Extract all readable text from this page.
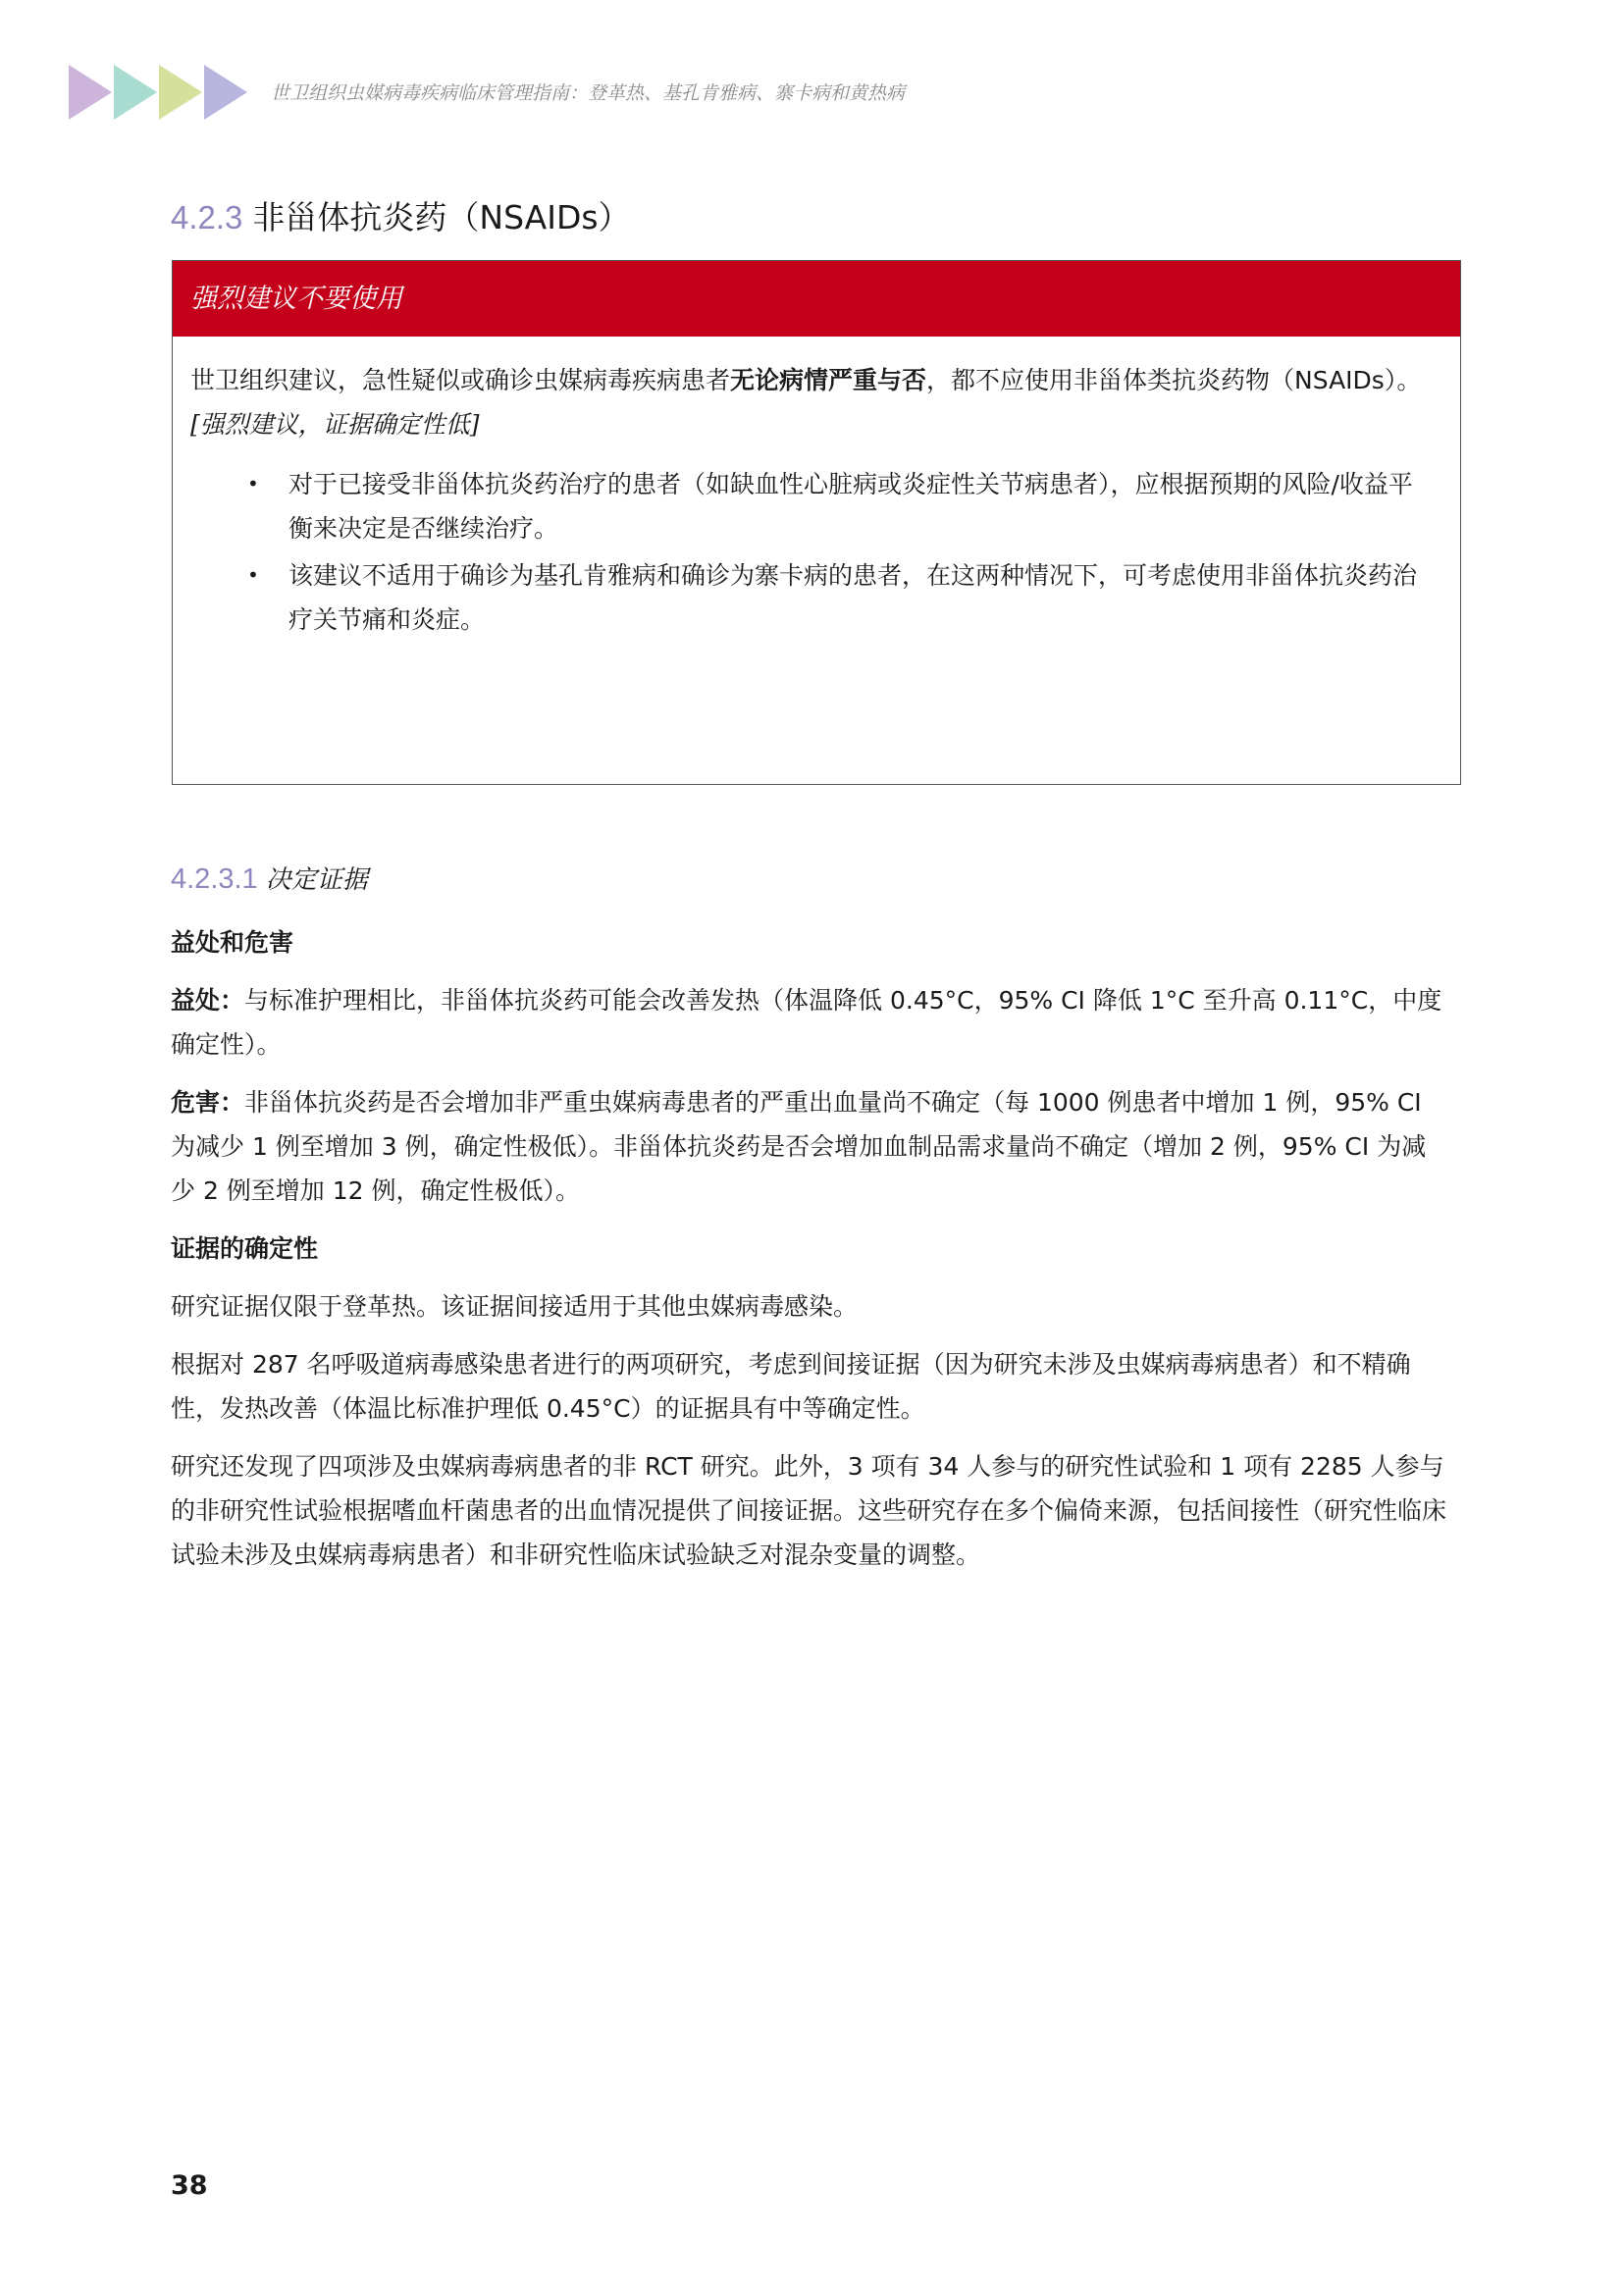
世卫组织虫媒病毒疾病临床管理指南：登革热、基孔肯雅病、寨卡病和黄热病
4.2.3 非甾体抗炎药（NSAIDs）
强烈建议不要使用
世卫组织建议，急性疑似或确诊虫媒病毒疾病患者无论病情严重与否，都不应使用非甾体类抗炎药物（NSAIDs）。[强烈建议，证据确定性低]
• 对于已接受非甾体抗炎药治疗的患者（如缺血性心脏病或炎症性关节病患者），应根据预期的风险/收益平衡来决定是否继续治疗。
• 该建议不适用于确诊为基孔肯雅病和确诊为寨卡病的患者，在这两种情况下，可考虑使用非甾体抗炎药治疗关节痛和炎症。
4.2.3.1 决定证据
益处和危害

益处：与标准护理相比，非甾体抗炎药可能会改善发热（体温降低 0.45°C，95% CI 降低 1°C 至升高 0.11°C，中度确定性）。

危害：非甾体抗炎药是否会增加非严重虫媒病毒患者的严重出血量尚不确定（每 1000 例患者中增加 1 例，95% CI 为减少 1 例至增加 3 例，确定性极低）。非甾体抗炎药是否会增加血制品需求量尚不确定（增加 2 例，95% CI 为减少 2 例至增加 12 例，确定性极低）。

证据的确定性

研究证据仅限于登革热。该证据间接适用于其他虫媒病毒感染。

根据对 287 名呼吸道病毒感染患者进行的两项研究，考虑到间接证据（因为研究未涉及虫媒病毒病患者）和不精确性，发热改善（体温比标准护理低 0.45°C）的证据具有中等确定性。

研究还发现了四项涉及虫媒病毒病患者的非 RCT 研究。此外，3 项有 34 人参与的研究性试验和 1 项有 2285 人参与的非研究性试验根据嗜血杆菌患者的出血情况提供了间接证据。这些研究存在多个偏倚来源，包括间接性（研究性临床试验未涉及虫媒病毒病患者）和非研究性临床试验缺乏对混杂变量的调整。

38
